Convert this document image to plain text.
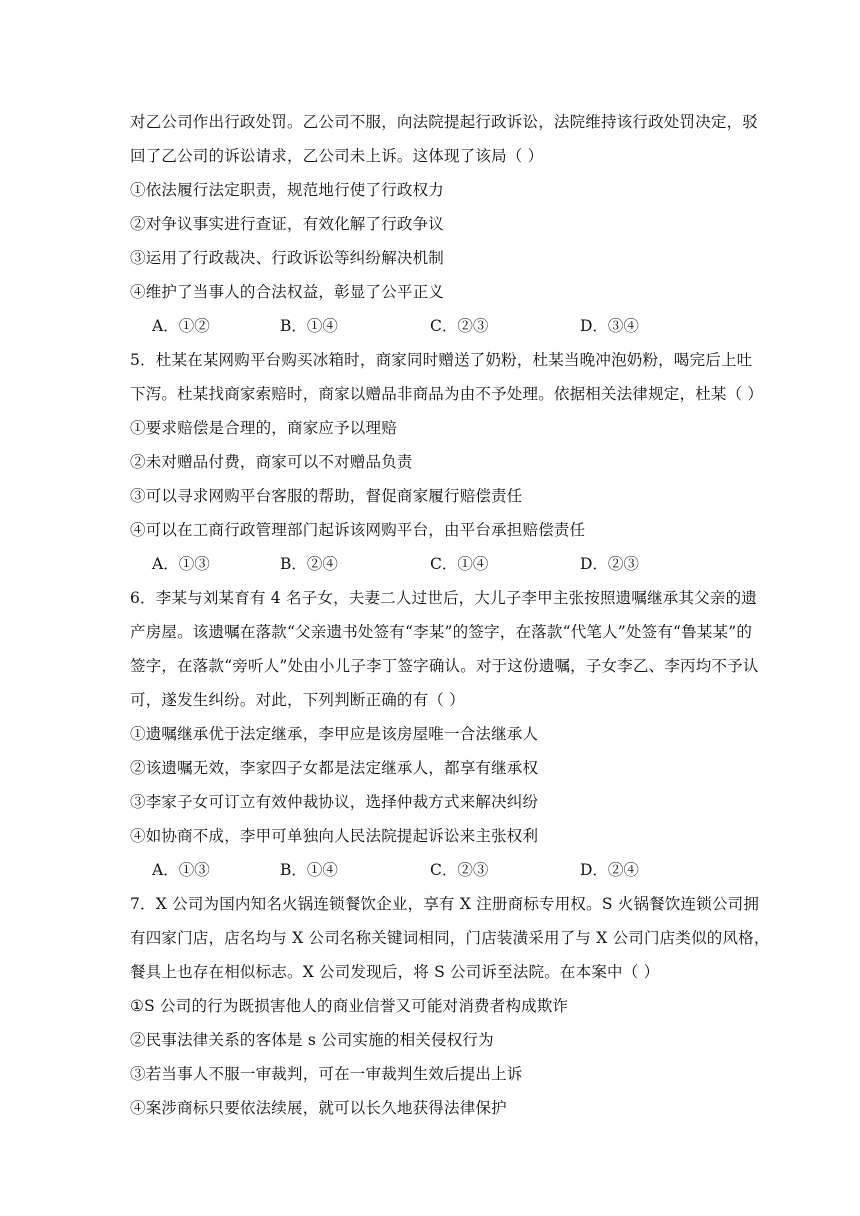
对乙公司作出行政处罚。乙公司不服，向法院提起行政诉讼，法院维持该行政处罚决定，驳
回了乙公司的诉讼请求，乙公司未上诉。这体现了该局（ ）
①依法履行法定职责，规范地行使了行政权力
②对争议事实进行查证，有效化解了行政争议
③运用了行政裁决、行政诉讼等纠纷解决机制
④维护了当事人的合法权益，彰显了公平正义
A．①②	B．①④	C．②③	D．③④
5．杜某在某网购平台购买冰箱时，商家同时赠送了奶粉，杜某当晚冲泡奶粉，喝完后上吐
下泻。杜某找商家索赔时，商家以赠品非商品为由不予处理。依据相关法律规定，杜某（ ）
①要求赔偿是合理的，商家应予以理赔
②未对赠品付费，商家可以不对赠品负责
③可以寻求网购平台客服的帮助，督促商家履行赔偿责任
④可以在工商行政管理部门起诉该网购平台，由平台承担赔偿责任
A．①③	B．②④	C．①④	D．②③
6．李某与刘某育有 4 名子女，夫妻二人过世后，大儿子李甲主张按照遗嘱继承其父亲的遗
产房屋。该遗嘱在落款“父亲遗书处签有“李某”的签字，在落款“代笔人”处签有“鲁某某”的
签字，在落款“旁听人”处由小儿子李丁签字确认。对于这份遗嘱，子女李乙、李丙均不予认
可，遂发生纠纷。对此，下列判断正确的有（ ）
①遗嘱继承优于法定继承，李甲应是该房屋唯一合法继承人
②该遗嘱无效，李家四子女都是法定继承人，都享有继承权
③李家子女可订立有效仲裁协议，选择仲裁方式来解决纠纷
④如协商不成，李甲可单独向人民法院提起诉讼来主张权利
A．①③	B．①④	C．②③	D．②④
7．X 公司为国内知名火锅连锁餐饮企业，享有 X 注册商标专用权。S 火锅餐饮连锁公司拥
有四家门店，店名均与 X 公司名称关键词相同，门店装潢采用了与 X 公司门店类似的风格，
餐具上也存在相似标志。X 公司发现后，将 S 公司诉至法院。在本案中（ ）
①S 公司的行为既损害他人的商业信誉又可能对消费者构成欺诈
②民事法律关系的客体是 s 公司实施的相关侵权行为
③若当事人不服一审裁判，可在一审裁判生效后提出上诉
④案涉商标只要依法续展，就可以长久地获得法律保护
